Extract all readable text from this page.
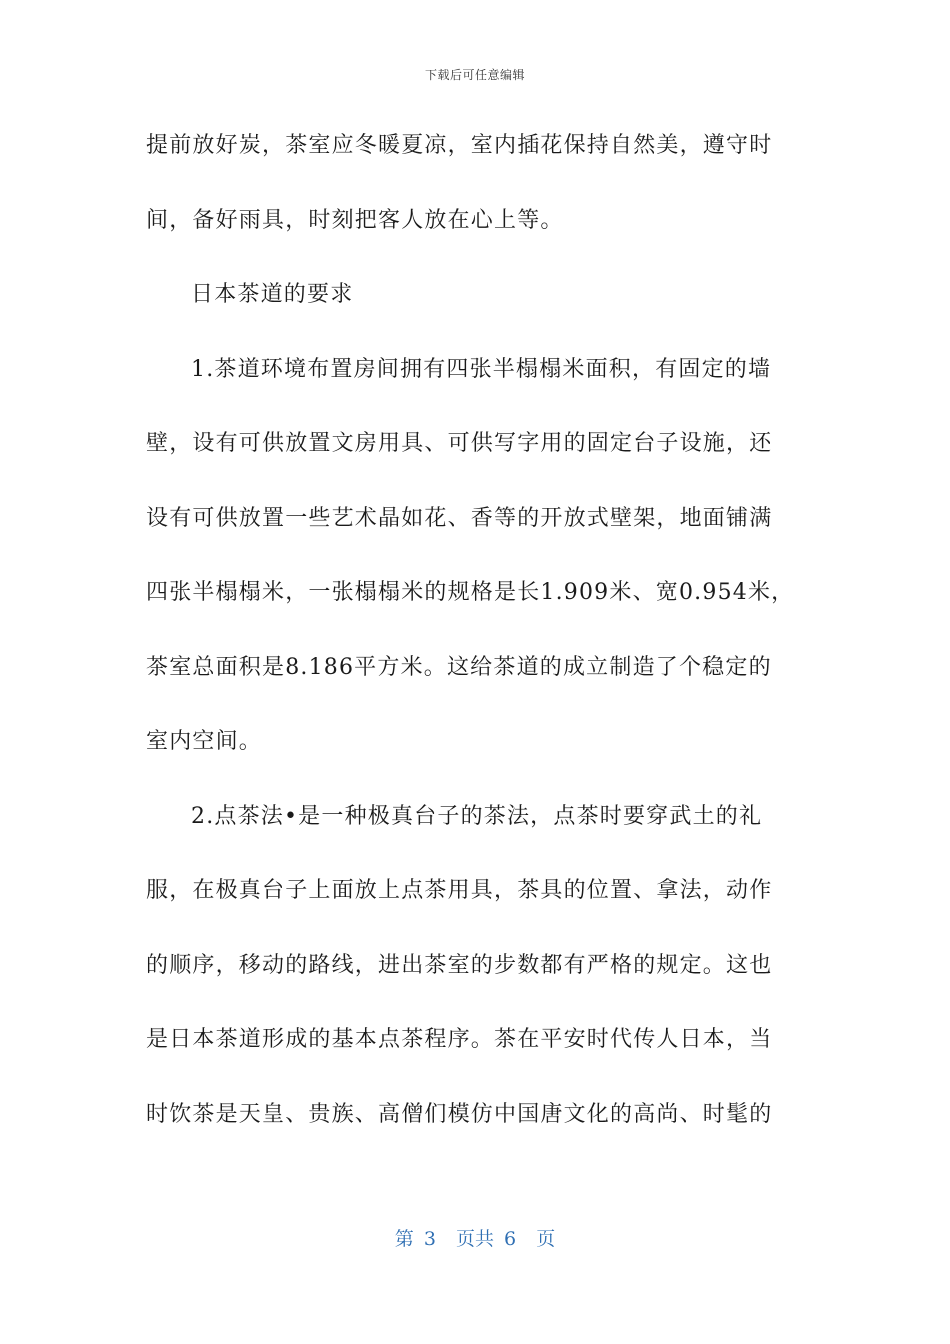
下载后可任意编辑
提前放好炭，茶室应冬暖夏凉，室内插花保持自然美，遵守时
间，备好雨具，时刻把客人放在心上等。
日本茶道的要求
1.茶道环境布置房间拥有四张半榻榻米面积，有固定的墙
壁，设有可供放置文房用具、可供写字用的固定台子设施，还
设有可供放置一些艺术晶如花、香等的开放式壁架，地面铺满
四张半榻榻米，一张榻榻米的规格是长1.909米、宽0.954米，
茶室总面积是8.186平方米。这给茶道的成立制造了个稳定的
室内空间。
2.点茶法•是一种极真台子的茶法，点茶时要穿武土的礼
服，在极真台子上面放上点茶用具，茶具的位置、拿法，动作
的顺序，移动的路线，进出茶室的步数都有严格的规定。这也
是日本茶道形成的基本点茶程序。茶在平安时代传人日本，当
时饮茶是天皇、贵族、高僧们模仿中国唐文化的高尚、时髦的
第 3  页共 6  页
